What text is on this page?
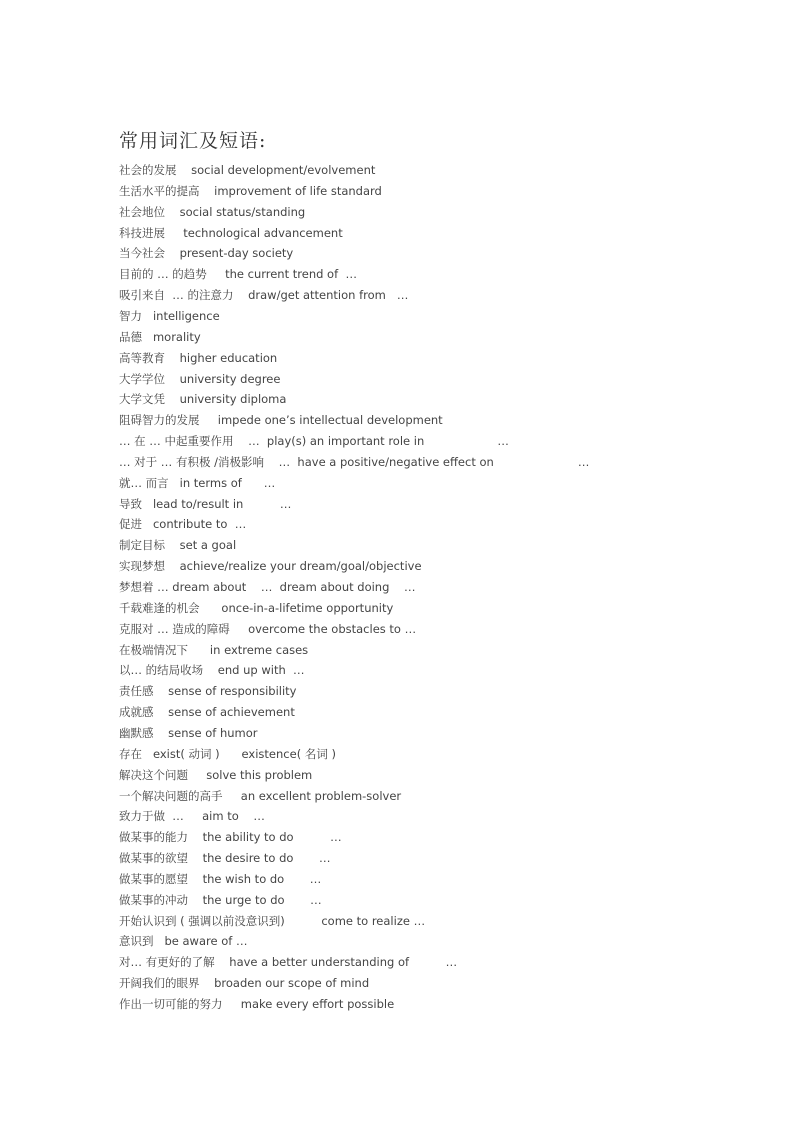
常用词汇及短语:
社会的发展    social development/evolvement
生活水平的提高    improvement of life standard
社会地位    social status/standing
科技进展     technological advancement
当今社会    present-day society
目前的 … 的趋势     the current trend of  …
吸引来自  … 的注意力    draw/get attention from   …
智力   intelligence
品德   morality
高等教育    higher education
大学学位    university degree
大学文凭    university diploma
阻碍智力的发展     impede one’s intellectual development
… 在 … 中起重要作用    …  play(s) an important role in                    …
… 对于 … 有积极 /消极影响    …  have a positive/negative effect on                       …
就… 而言   in terms of      …
导致   lead to/result in          …
促进   contribute to  …
制定目标    set a goal
实现梦想    achieve/realize your dream/goal/objective
梦想着 … dream about    …  dream about doing    …
千载难逢的机会      once-in-a-lifetime opportunity
克服对 … 造成的障碍     overcome the obstacles to …
在极端情况下      in extreme cases
以… 的结局收场    end up with  …
责任感    sense of responsibility
成就感    sense of achievement
幽默感    sense of humor
存在   exist( 动词 )      existence( 名词 )
解决这个问题     solve this problem
一个解决问题的高手     an excellent problem-solver
致力于做  …     aim to    …
做某事的能力    the ability to do          …
做某事的欲望    the desire to do       …
做某事的愿望    the wish to do       …
做某事的冲动    the urge to do       …
开始认识到 ( 强调以前没意识到)          come to realize …
意识到   be aware of …
对… 有更好的了解    have a better understanding of          …
开阔我们的眼界    broaden our scope of mind
作出一切可能的努力     make every effort possible
